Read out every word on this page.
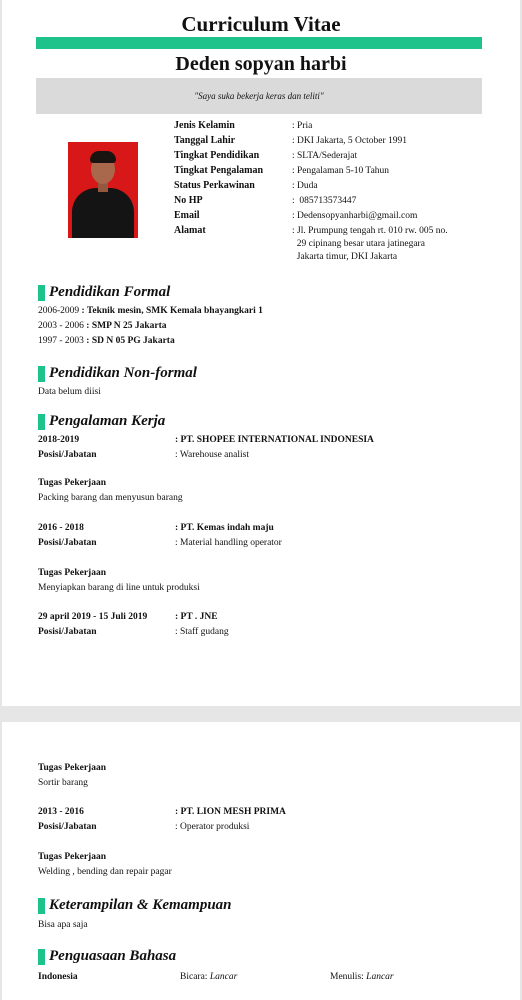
Curriculum Vitae
Deden sopyan harbi
"Saya suka bekerja keras dan teliti"
Jenis Kelamin	: Pria
Tanggal Lahir	: DKI Jakarta, 5 October 1991
Tingkat Pendidikan	: SLTA/Sederajat
Tingkat Pengalaman	: Pengalaman 5-10 Tahun
Status Perkawinan	: Duda
No HP	:  085713573447
Email	: Dedensopyanharbi@gmail.com
Alamat	: Jl. Prumpung tengah rt. 010 rw. 005 no.
29 cipinang besar utara jatinegara
Jakarta timur, DKI Jakarta
Pendidikan Formal
2006-2009 : Teknik mesin, SMK Kemala bhayangkari 1
2003 - 2006 : SMP N 25 Jakarta
1997 - 2003 : SD N 05 PG Jakarta
Pendidikan Non-formal
Data belum diisi
Pengalaman Kerja
2018-2019	: PT. SHOPEE INTERNATIONAL INDONESIA
Posisi/Jabatan	: Warehouse analist
Tugas Pekerjaan
Packing barang dan menyusun barang
2016 - 2018	: PT. Kemas indah maju
Posisi/Jabatan	: Material handling operator
Tugas Pekerjaan
Menyiapkan barang di line untuk produksi
29 april 2019 - 15 Juli 2019	: PT . JNE
Posisi/Jabatan	: Staff gudang
Tugas Pekerjaan
Sortir barang
2013 - 2016	: PT. LION MESH PRIMA
Posisi/Jabatan	: Operator produksi
Tugas Pekerjaan
Welding , bending dan repair pagar
Keterampilan & Kemampuan
Bisa apa saja
Penguasaan Bahasa
Indonesia	Bicara: Lancar	Menulis: Lancar
